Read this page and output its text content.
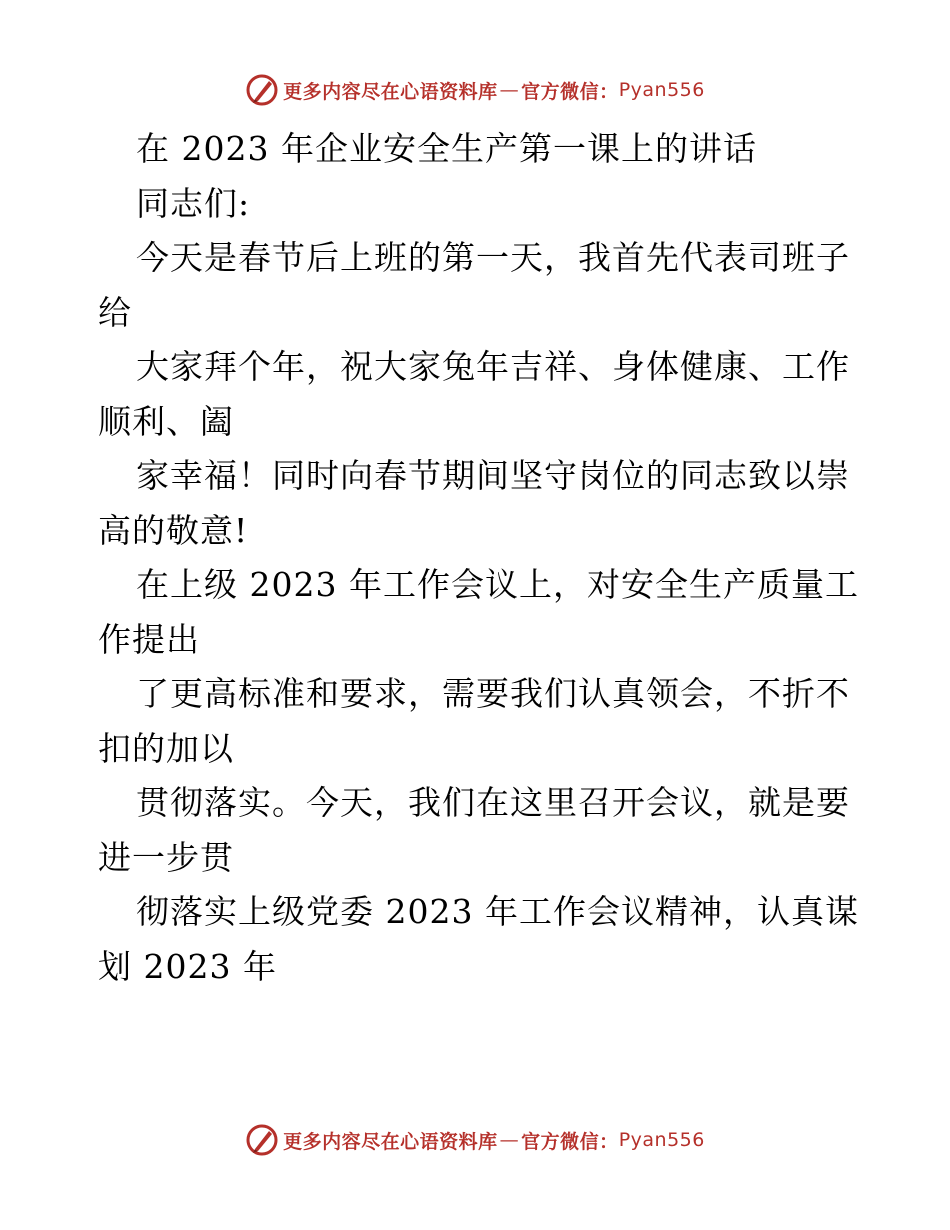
更多内容尽在心语资料库 — 官方微信： Pyan556
在 2023 年企业安全生产第一课上的讲话
同志们:
今天是春节后上班的第一天，我首先代表司班子
给
大家拜个年，祝大家兔年吉祥、身体健康、工作
顺利、阖
家幸福！同时向春节期间坚守岗位的同志致以崇
高的敬意!
在上级 2023 年工作会议上，对安全生产质量工
作提出
了更高标准和要求，需要我们认真领会，不折不
扣的加以
贯彻落实。今天，我们在这里召开会议，就是要
进一步贯
彻落实上级党委 2023 年工作会议精神，认真谋
划 2023 年
更多内容尽在心语资料库 — 官方微信： Pyan556
